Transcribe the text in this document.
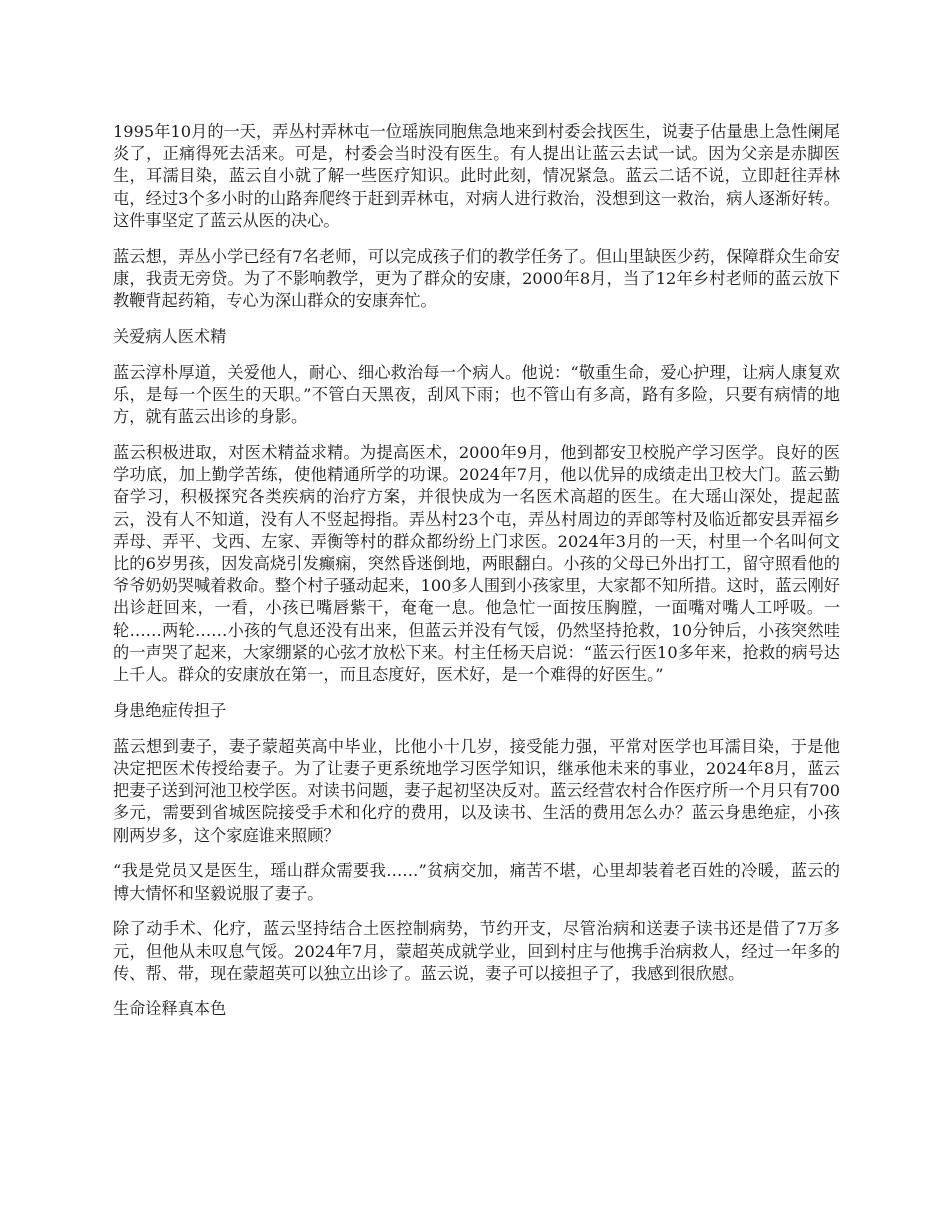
1995年10月的一天，弄丛村弄林屯一位瑶族同胞焦急地来到村委会找医生，说妻子估量患上急性阑尾炎了，正痛得死去活来。可是，村委会当时没有医生。有人提出让蓝云去试一试。因为父亲是赤脚医生，耳濡目染，蓝云自小就了解一些医疗知识。此时此刻，情况紧急。蓝云二话不说，立即赶往弄林屯，经过3个多小时的山路奔爬终于赶到弄林屯，对病人进行救治，没想到这一救治，病人逐渐好转。这件事坚定了蓝云从医的决心。

蓝云想，弄丛小学已经有7名老师，可以完成孩子们的教学任务了。但山里缺医少药，保障群众生命安康，我责无旁贷。为了不影响教学，更为了群众的安康，2000年8月，当了12年乡村老师的蓝云放下教鞭背起药箱，专心为深山群众的安康奔忙。

关爱病人医术精

蓝云淳朴厚道，关爱他人，耐心、细心救治每一个病人。他说：“敬重生命，爱心护理，让病人康复欢乐，是每一个医生的天职。”不管白天黑夜，刮风下雨；也不管山有多高，路有多险，只要有病情的地方，就有蓝云出诊的身影。

蓝云积极进取，对医术精益求精。为提高医术，2000年9月，他到都安卫校脱产学习医学。良好的医学功底，加上勤学苦练，使他精通所学的功课。2024年7月，他以优异的成绩走出卫校大门。蓝云勤奋学习，积极探究各类疾病的治疗方案，并很快成为一名医术高超的医生。在大瑶山深处，提起蓝云，没有人不知道，没有人不竖起拇指。弄丛村23个屯，弄丛村周边的弄郎等村及临近都安县弄福乡弄母、弄平、戈西、左家、弄衡等村的群众都纷纷上门求医。2024年3月的一天，村里一个名叫何文比的6岁男孩，因发高烧引发癫痫，突然昏迷倒地，两眼翻白。小孩的父母已外出打工，留守照看他的爷爷奶奶哭喊着救命。整个村子骚动起来，100多人围到小孩家里，大家都不知所措。这时，蓝云刚好出诊赶回来，一看，小孩已嘴唇紫干，奄奄一息。他急忙一面按压胸膛，一面嘴对嘴人工呼吸。一轮……两轮……小孩的气息还没有出来，但蓝云并没有气馁，仍然坚持抢救，10分钟后，小孩突然哇的一声哭了起来，大家绷紧的心弦才放松下来。村主任杨天启说：“蓝云行医10多年来，抢救的病号达上千人。群众的安康放在第一，而且态度好，医术好，是一个难得的好医生。”

身患绝症传担子

蓝云想到妻子，妻子蒙超英高中毕业，比他小十几岁，接受能力强，平常对医学也耳濡目染，于是他决定把医术传授给妻子。为了让妻子更系统地学习医学知识，继承他未来的事业，2024年8月，蓝云把妻子送到河池卫校学医。对读书问题，妻子起初坚决反对。蓝云经营农村合作医疗所一个月只有700多元，需要到省城医院接受手术和化疗的费用，以及读书、生活的费用怎么办？蓝云身患绝症，小孩刚两岁多，这个家庭谁来照顾？

“我是党员又是医生，瑶山群众需要我……”贫病交加，痛苦不堪，心里却装着老百姓的冷暖，蓝云的博大情怀和坚毅说服了妻子。

除了动手术、化疗，蓝云坚持结合土医控制病势，节约开支，尽管治病和送妻子读书还是借了7万多元，但他从未叹息气馁。2024年7月，蒙超英成就学业，回到村庄与他携手治病救人，经过一年多的传、帮、带，现在蒙超英可以独立出诊了。蓝云说，妻子可以接担子了，我感到很欣慰。

生命诠释真本色
